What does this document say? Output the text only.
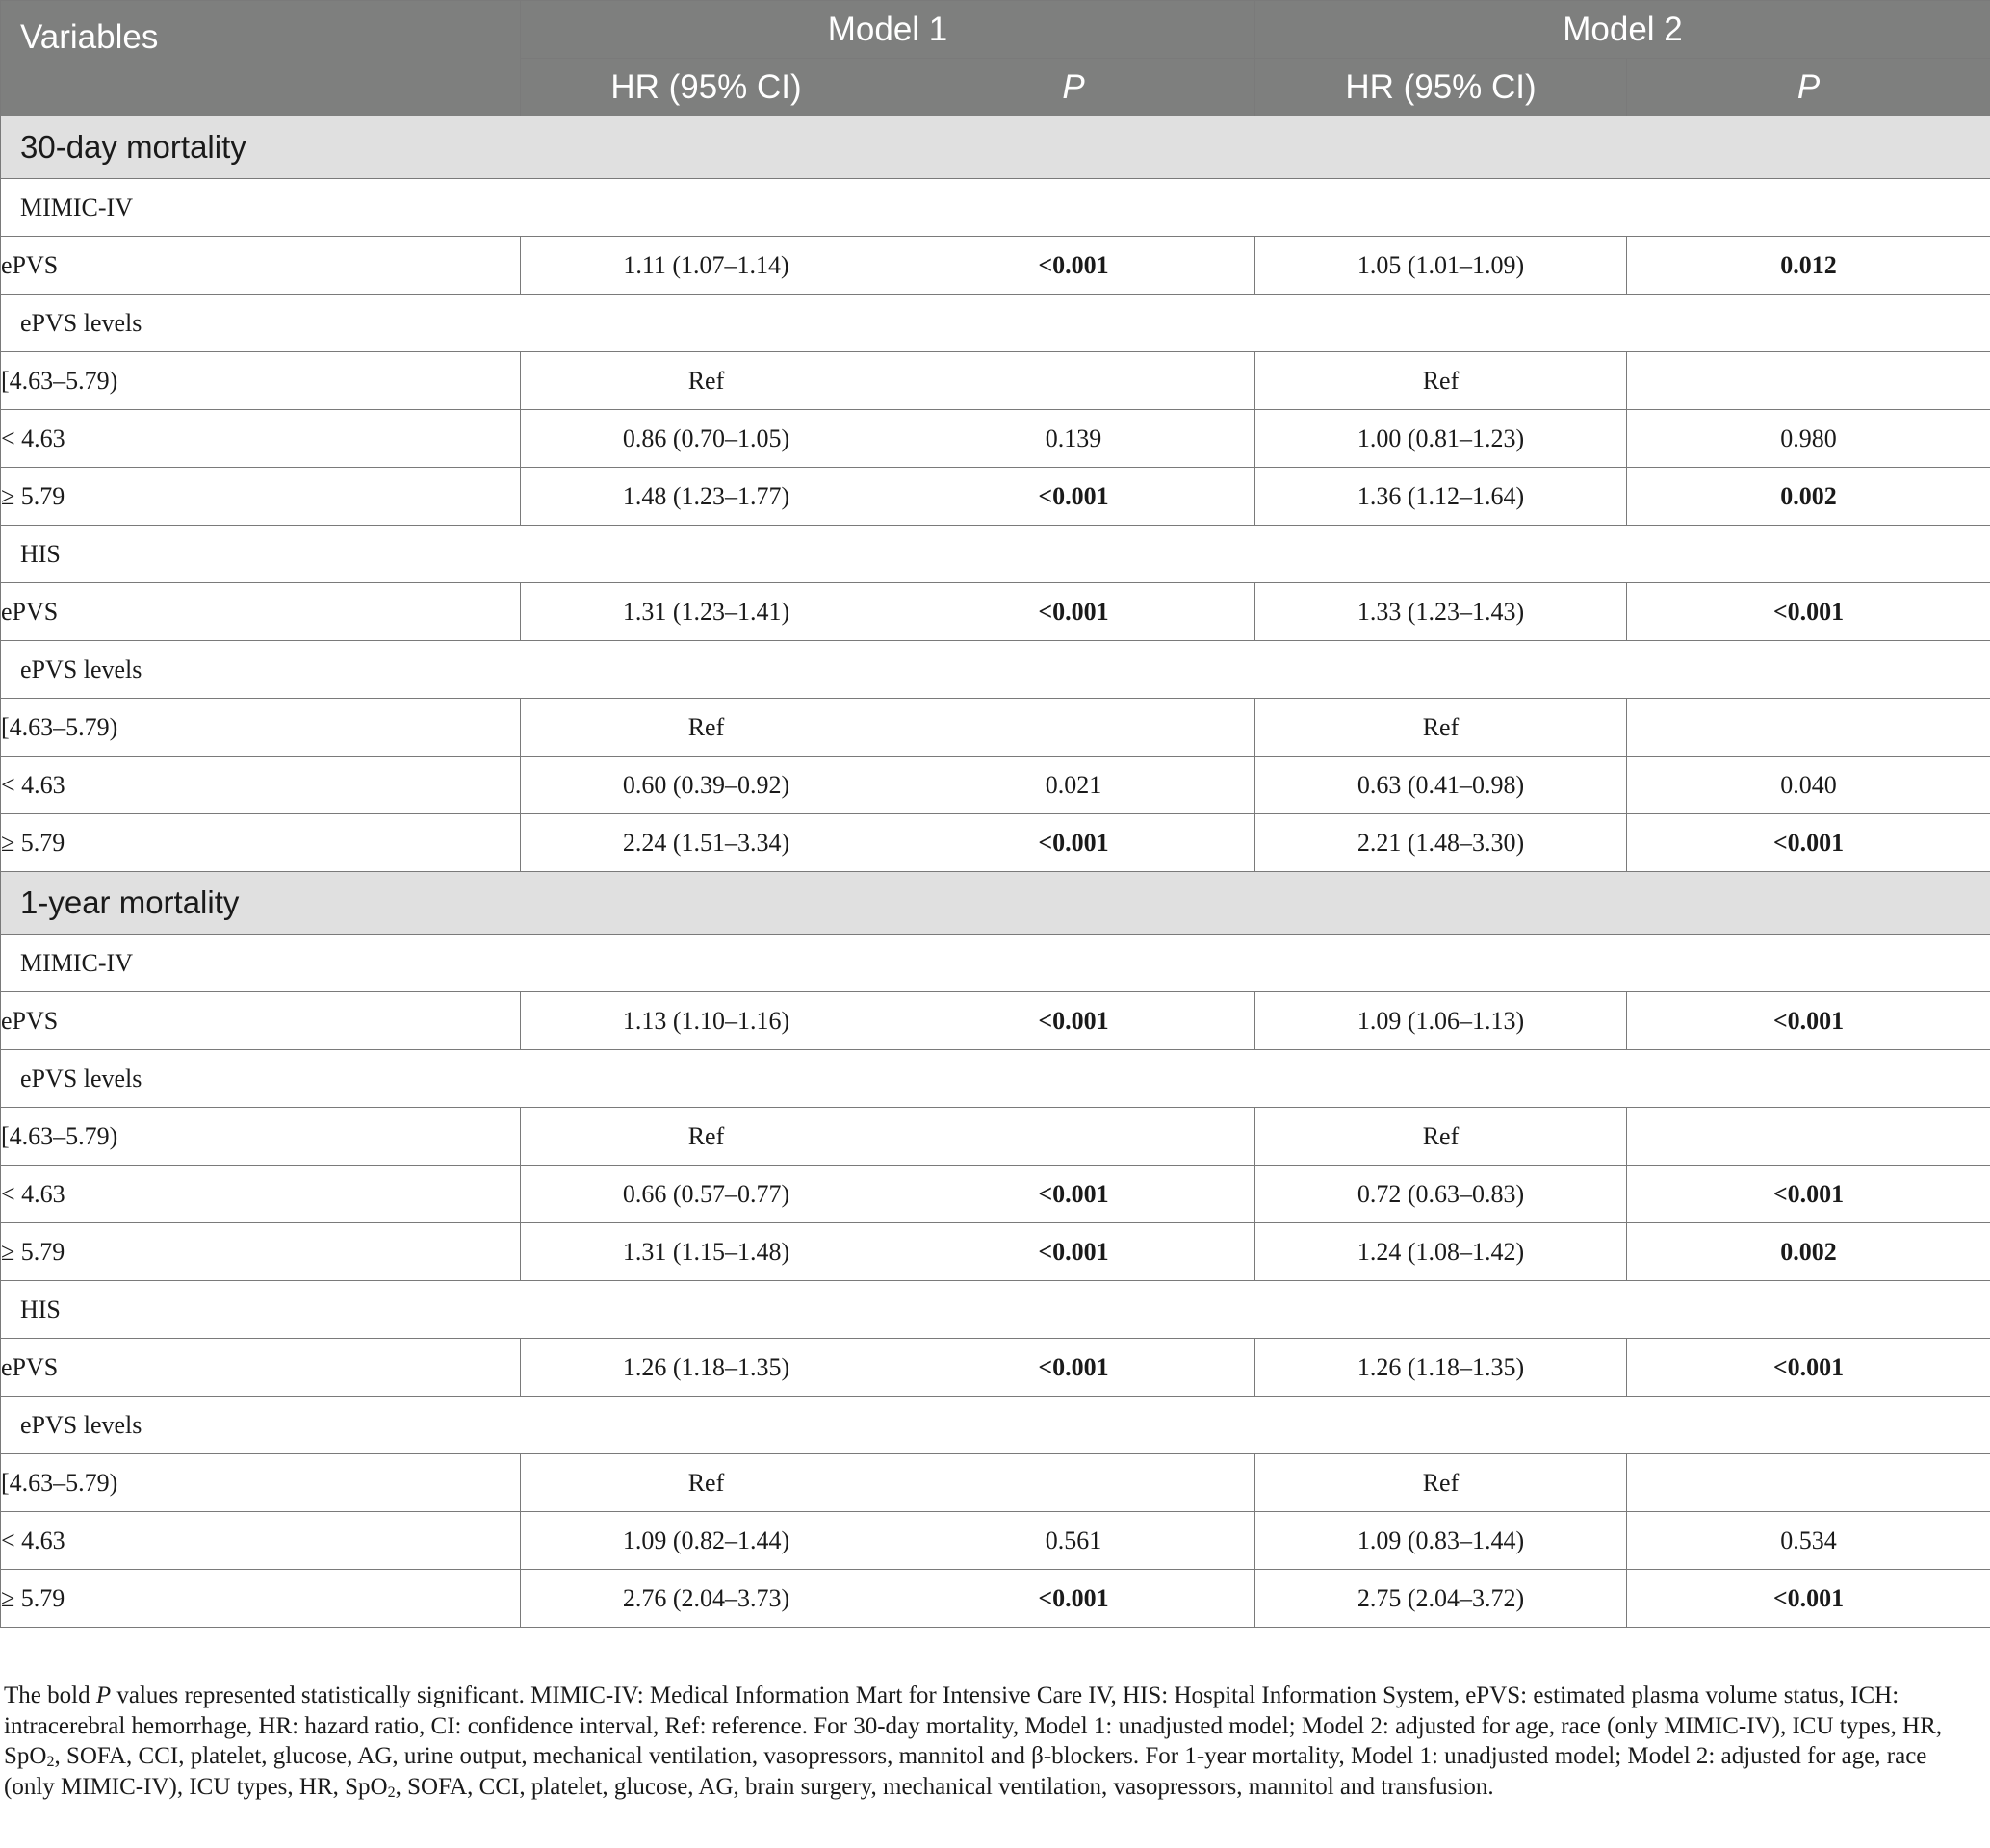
Variables	Model 1		Model 2	
	HR (95% CI)	P	HR (95% CI)	P
30-day mortality				
MIMIC-IV				
ePVS	1.11 (1.07–1.14)	<0.001	1.05 (1.01–1.09)	0.012
ePVS levels				
[4.63–5.79)	Ref		Ref	
< 4.63	0.86 (0.70–1.05)	0.139	1.00 (0.81–1.23)	0.980
≥ 5.79	1.48 (1.23–1.77)	<0.001	1.36 (1.12–1.64)	0.002
HIS				
ePVS	1.31 (1.23–1.41)	<0.001	1.33 (1.23–1.43)	<0.001
ePVS levels				
[4.63–5.79)	Ref		Ref	
< 4.63	0.60 (0.39–0.92)	0.021	0.63 (0.41–0.98)	0.040
≥ 5.79	2.24 (1.51–3.34)	<0.001	2.21 (1.48–3.30)	<0.001
1-year mortality				
MIMIC-IV				
ePVS	1.13 (1.10–1.16)	<0.001	1.09 (1.06–1.13)	<0.001
ePVS levels				
[4.63–5.79)	Ref		Ref	
< 4.63	0.66 (0.57–0.77)	<0.001	0.72 (0.63–0.83)	<0.001
≥ 5.79	1.31 (1.15–1.48)	<0.001	1.24 (1.08–1.42)	0.002
HIS				
ePVS	1.26 (1.18–1.35)	<0.001	1.26 (1.18–1.35)	<0.001
ePVS levels				
[4.63–5.79)	Ref		Ref	
< 4.63	1.09 (0.82–1.44)	0.561	1.09 (0.83–1.44)	0.534
≥ 5.79	2.76 (2.04–3.73)	<0.001	2.75 (2.04–3.72)	<0.001
The bold P values represented statistically significant. MIMIC-IV: Medical Information Mart for Intensive Care IV, HIS: Hospital Information System, ePVS: estimated plasma volume status, ICH: intracerebral hemorrhage, HR: hazard ratio, CI: confidence interval, Ref: reference. For 30-day mortality, Model 1: unadjusted model; Model 2: adjusted for age, race (only MIMIC-IV), ICU types, HR, SpO$_2$, SOFA, CCI, platelet, glucose, AG, urine output, mechanical ventilation, vasopressors, mannitol and β-blockers. For 1-year mortality, Model 1: unadjusted model; Model 2: adjusted for age, race (only MIMIC-IV), ICU types, HR, SpO$_2$, SOFA, CCI, platelet, glucose, AG, brain surgery, mechanical ventilation, vasopressors, mannitol and transfusion.
